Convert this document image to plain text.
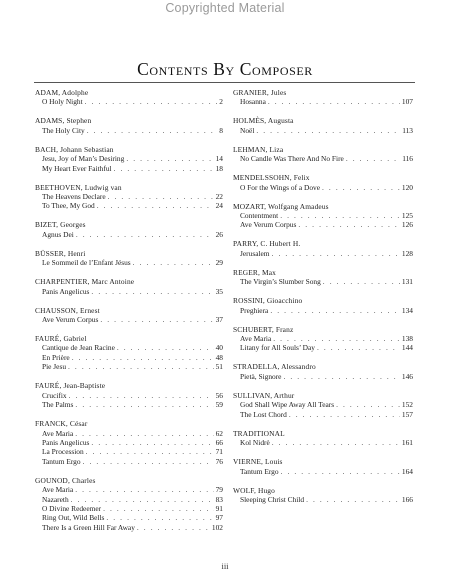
Copyrighted Material
Contents By Composer
ADAM, Adolphe
O Holy Night . . .	2
ADAMS, Stephen
The Holy City . . .	8
BACH, Johann Sebastian
Jesu, Joy of Man’s Desiring . . .	14
My Heart Ever Faithful . . .	18
BEETHOVEN, Ludwig van
The Heavens Declare . . .	22
To Thee, My God . . .	24
BIZET, Georges
Agnus Dei . . .	26
BÜSSER, Henri
Le Sommeil de l’Enfant Jésus . . .	29
CHARPENTIER, Marc Antoine
Panis Angelicus . . .	35
CHAUSSON, Ernest
Ave Verum Corpus . . .	37
FAURÉ, Gabriel
Cantique de Jean Racine . . .	40
En Prière . . .	48
Pie Jesu . . .	51
FAURÉ, Jean-Baptiste
Crucifix . . .	56
The Palms . . .	59
FRANCK, César
Ave Maria . . .	62
Panis Angelicus . . .	66
La Procession . . .	71
Tantum Ergo . . .	76
GOUNOD, Charles
Ave Maria . . .	79
Nazareth . . .	83
O Divine Redeemer . . .	91
Ring Out, Wild Bells . . .	97
There Is a Green Hill Far Away . . .	102
GRANIER, Jules
Hosanna . . .	107
HOLMÈS, Augusta
Noël . . .	113
LEHMAN, Liza
No Candle Was There And No Fire . . .	116
MENDELSSOHN, Felix
O For the Wings of a Dove . . .	120
MOZART, Wolfgang Amadeus
Contentment . . .	125
Ave Verum Corpus . . .	126
PARRY, C. Hubert H.
Jerusalem . . .	128
REGER, Max
The Virgin’s Slumber Song . . .	131
ROSSINI, Gioacchino
Preghiera . . .	134
SCHUBERT, Franz
Ave Maria . . .	138
Litany for All Souls’ Day . . .	144
STRADELLA, Alessandro
Pietà, Signore . . .	146
SULLIVAN, Arthur
God Shall Wipe Away All Tears . . .	152
The Lost Chord . . .	157
TRADITIONAL
Kol Nidrè . . .	161
VIERNE, Louis
Tantum Ergo . . .	164
WOLF, Hugo
Sleeping Christ Child . . .	166
iii
